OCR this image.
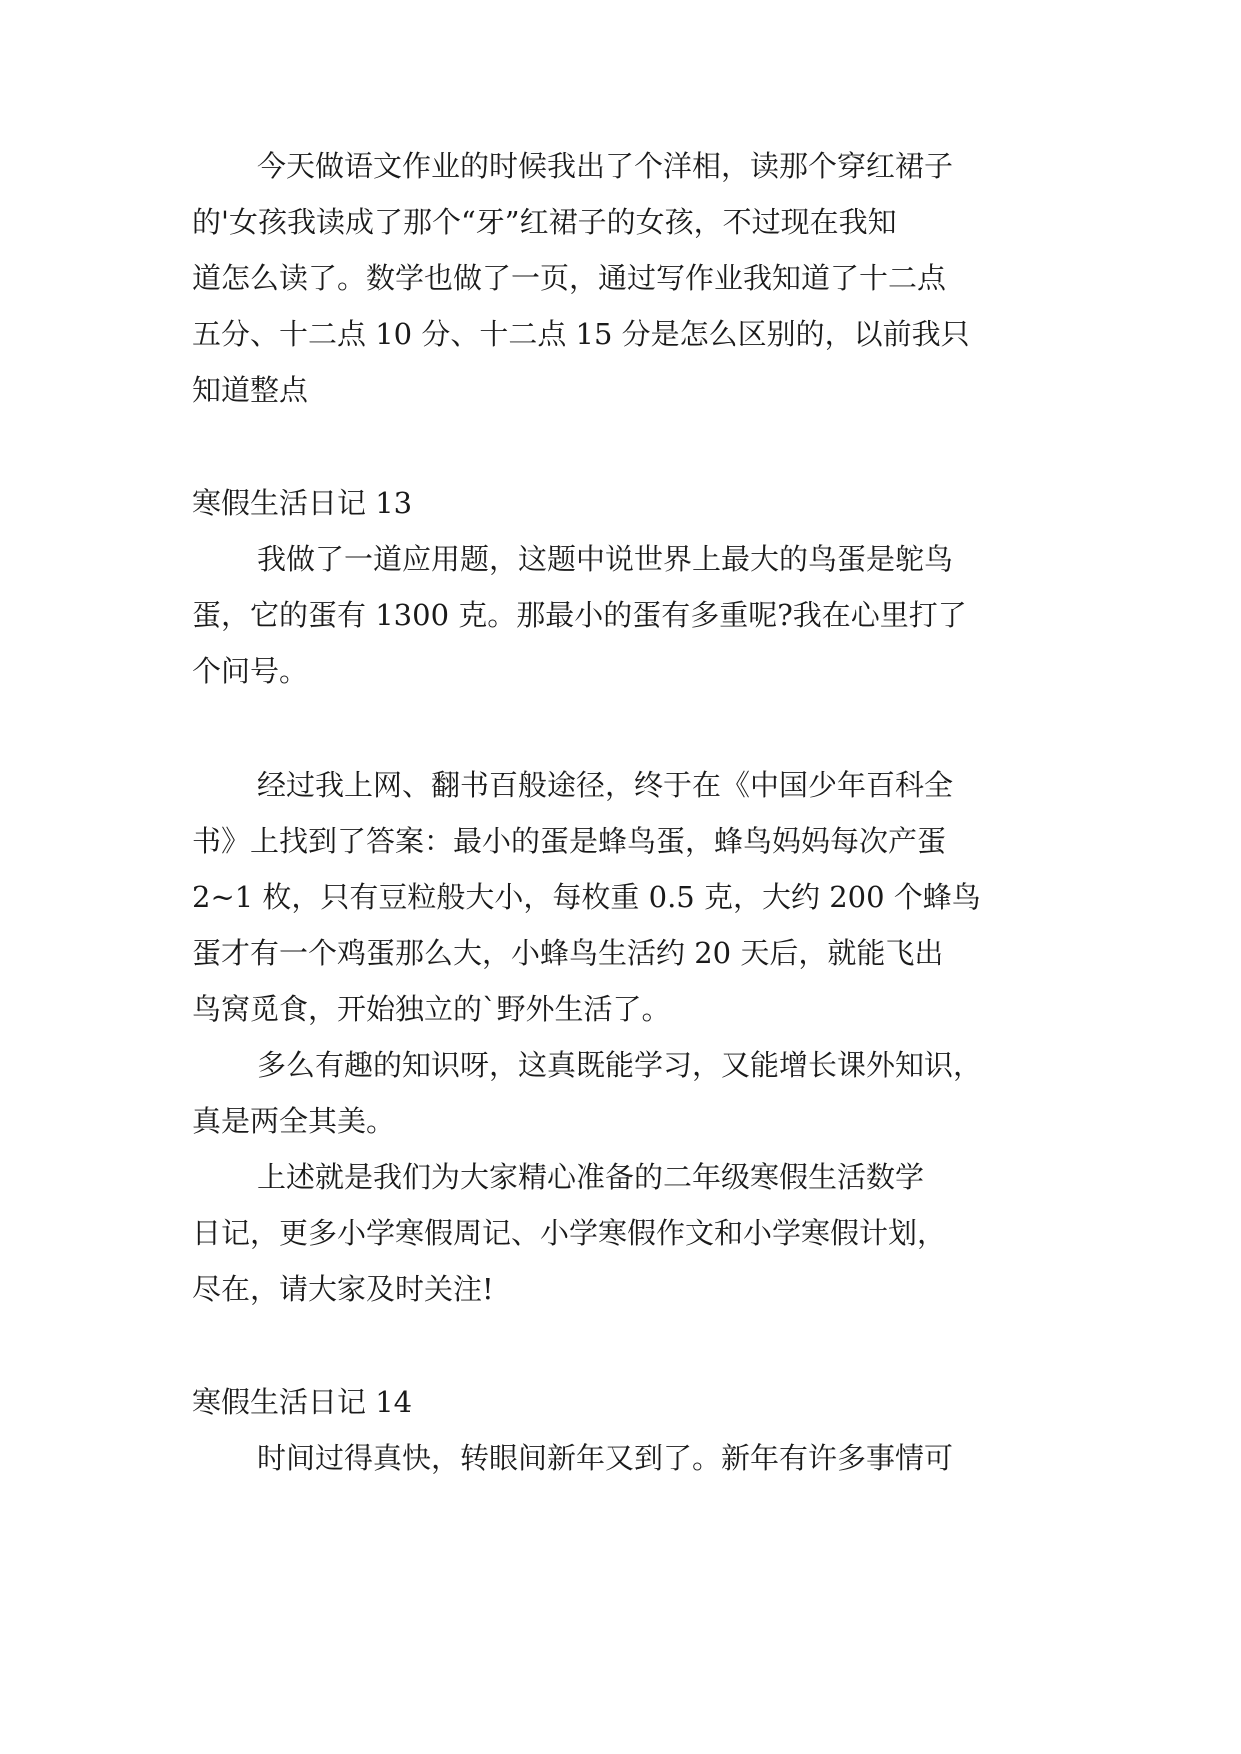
今天做语文作业的时候我出了个洋相，读那个穿红裙子

的'女孩我读成了那个“牙”红裙子的女孩，不过现在我知

道怎么读了。数学也做了一页，通过写作业我知道了十二点

五分、十二点 10 分、十二点 15 分是怎么区别的，以前我只

知道整点

寒假生活日记 13

我做了一道应用题，这题中说世界上最大的鸟蛋是鸵鸟

蛋，它的蛋有 1300 克。那最小的蛋有多重呢?我在心里打了

个问号。

经过我上网、翻书百般途径，终于在《中国少年百科全

书》上找到了答案：最小的蛋是蜂鸟蛋，蜂鸟妈妈每次产蛋

2~1 枚，只有豆粒般大小，每枚重 0.5 克，大约 200 个蜂鸟

蛋才有一个鸡蛋那么大，小蜂鸟生活约 20 天后，就能飞出

鸟窝觅食，开始独立的`野外生活了。

多么有趣的知识呀，这真既能学习，又能增长课外知识，

真是两全其美。

上述就是我们为大家精心准备的二年级寒假生活数学

日记，更多小学寒假周记、小学寒假作文和小学寒假计划，

尽在，请大家及时关注!

寒假生活日记 14

时间过得真快，转眼间新年又到了。新年有许多事情可
